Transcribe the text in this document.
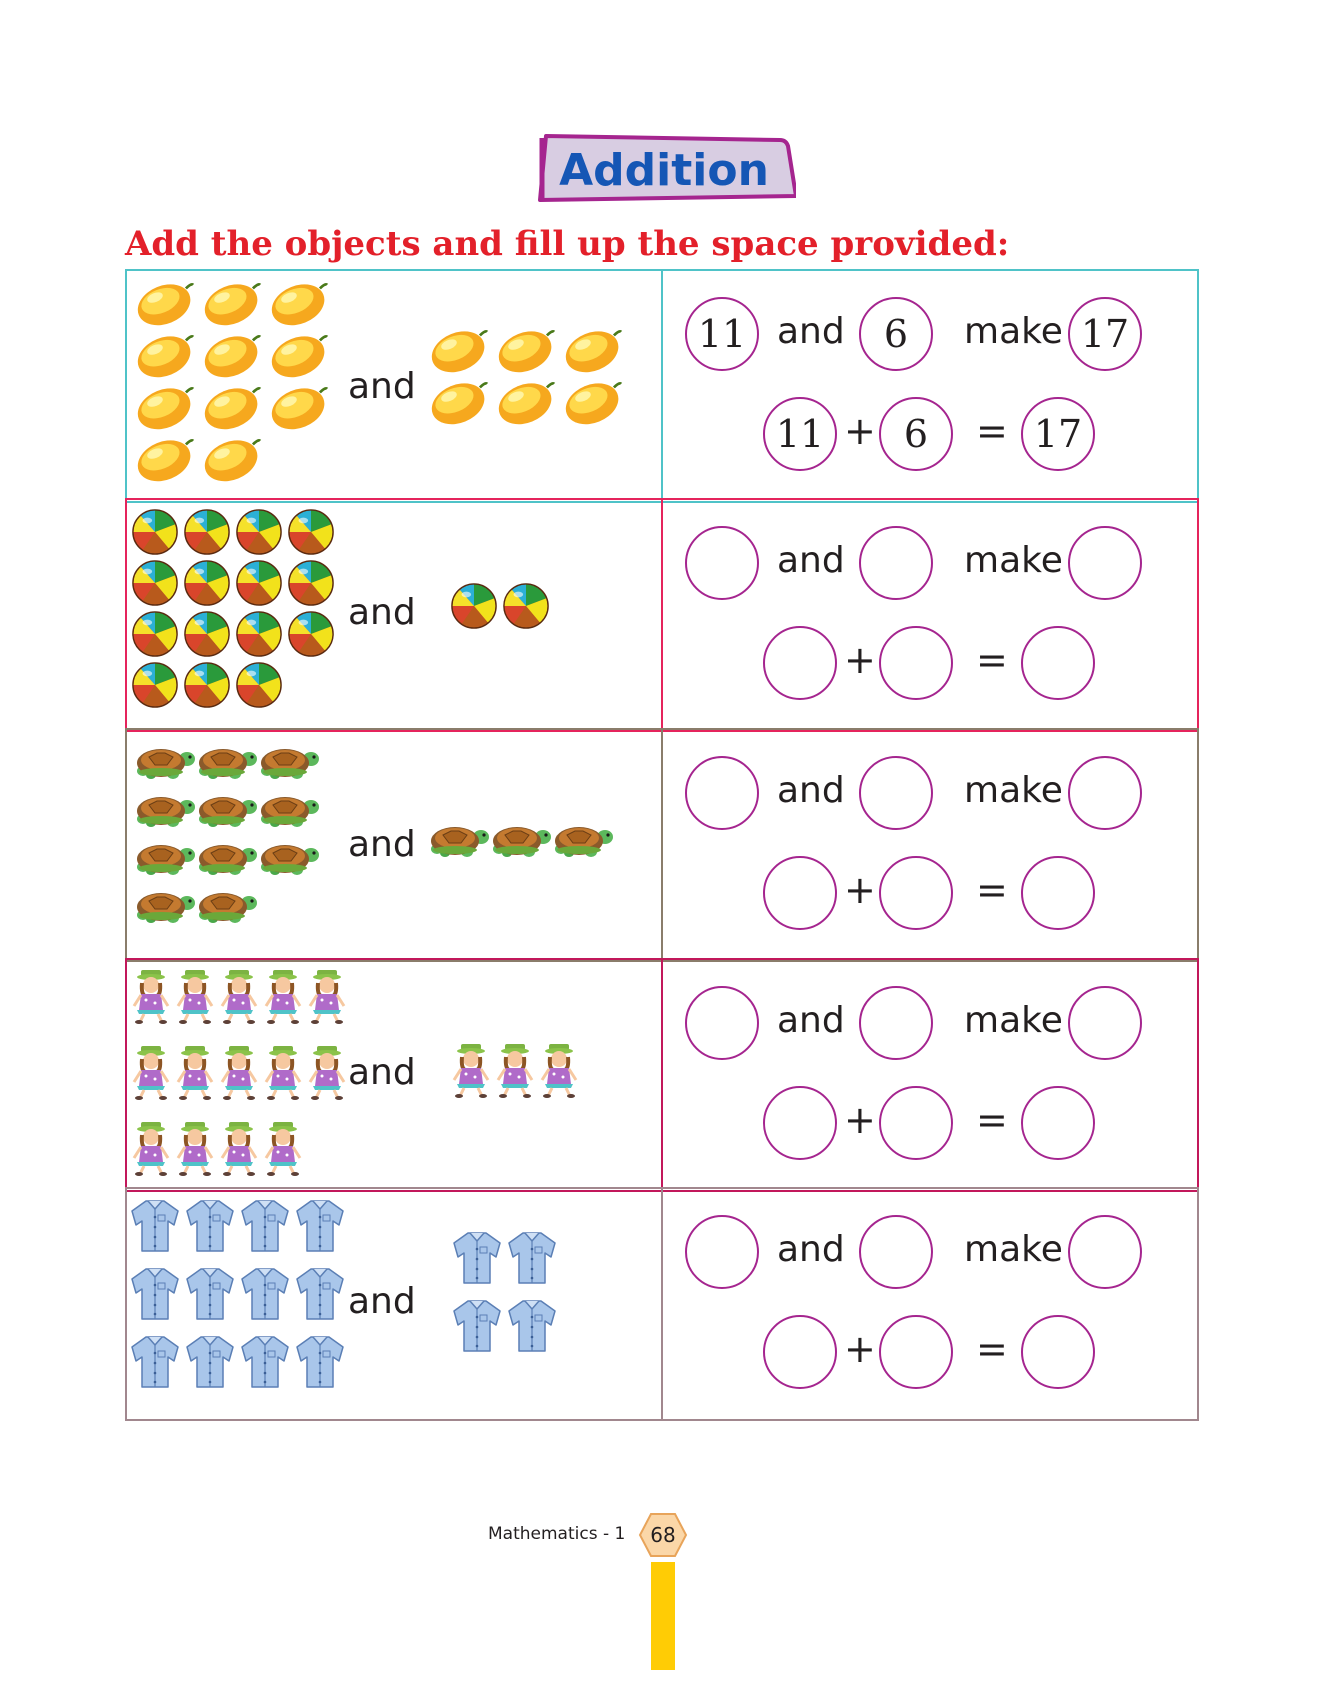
Addition
Add the objects and fill up the space provided:
and
11 and	6	make 17
11 + 6	= 17
and
and	make
+	=
and
and	make
+	=
and
and	make
+	=
and
and	make
+	=
Mathematics - 1	68
